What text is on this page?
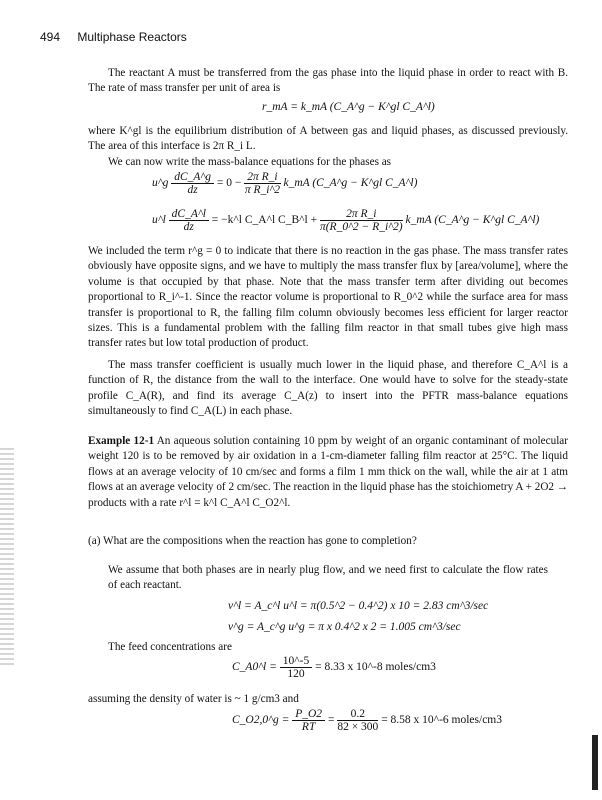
494 Multiphase Reactors
The reactant A must be transferred from the gas phase into the liquid phase in order to react with B. The rate of mass transfer per unit of area is
r_mA = k_mA (C_A^g − K^gl C_A^l)
where K^gl is the equilibrium distribution of A between gas and liquid phases, as discussed previously. The area of this interface is 2π R_i L.
We can now write the mass-balance equations for the phases as
u^g $\frac{dC\_A\^{}g}{dz} = 0 - \frac{\text{2π R\_i}}{\text{π R\_i\textasciicircum{}2}}$ k_mA (C_A^g − K^gl C_A^l)
u^l $\frac{dC\_A\^{}l}{dz}$ = −k^l C_A^l C_B^l + $\frac{\text{2π R\_i}}{\pi(R\_0\^{}2 - R\_i\^{}2)}$ k_mA (C_A^g − K^gl C_A^l)
We included the term r^g = 0 to indicate that there is no reaction in the gas phase. The mass transfer rates obviously have opposite signs, and we have to multiply the mass transfer flux by [area/volume], where the volume is that occupied by that phase. Note that the mass transfer term after dividing out becomes proportional to R_i^-1. Since the reactor volume is proportional to R_0^2 while the surface area for mass transfer is proportional to R, the falling film column obviously becomes less efficient for larger reactor sizes. This is a fundamental problem with the falling film reactor in that small tubes give high mass transfer rates but low total production of product.
The mass transfer coefficient is usually much lower in the liquid phase, and therefore C_A^l is a function of R, the distance from the wall to the interface. One would have to solve for the steady-state profile C_A(R), and find its average C_A(z) to insert into the PFTR mass-balance equations simultaneously to find C_A(L) in each phase.
Example 12-1 An aqueous solution containing 10 ppm by weight of an organic contaminant of molecular weight 120 is to be removed by air oxidation in a 1-cm-diameter falling film reactor at 25°C. The liquid flows at an average velocity of 10 cm/sec and forms a film 1 mm thick on the wall, while the air at 1 atm flows at an average velocity of 2 cm/sec. The reaction in the liquid phase has the stoichiometry A + 2O2 → products with a rate r^l = k^l C_A^l C_O2^l.
(a) What are the compositions when the reaction has gone to completion?
We assume that both phases are in nearly plug flow, and we need first to calculate the flow rates of each reactant.
v^l = A_c^l u^l = π(0.5^2 − 0.4^2) x 10 = 2.83 cm^3/sec
v^g = A_c^g u^g = π x 0.4^2 x 2 = 1.005 cm^3/sec
The feed concentrations are
C_A0^l = $\frac{10\^{}-5}{120} = 8.33$ x 10^-8 moles/cm3
assuming the density of water is ~ 1 g/cm3 and
C_O2,0^g = $\frac{P\_O2}{RT} = \frac{0.2}{82 \times 300} = 8.58$ x 10^-6 moles/cm3
